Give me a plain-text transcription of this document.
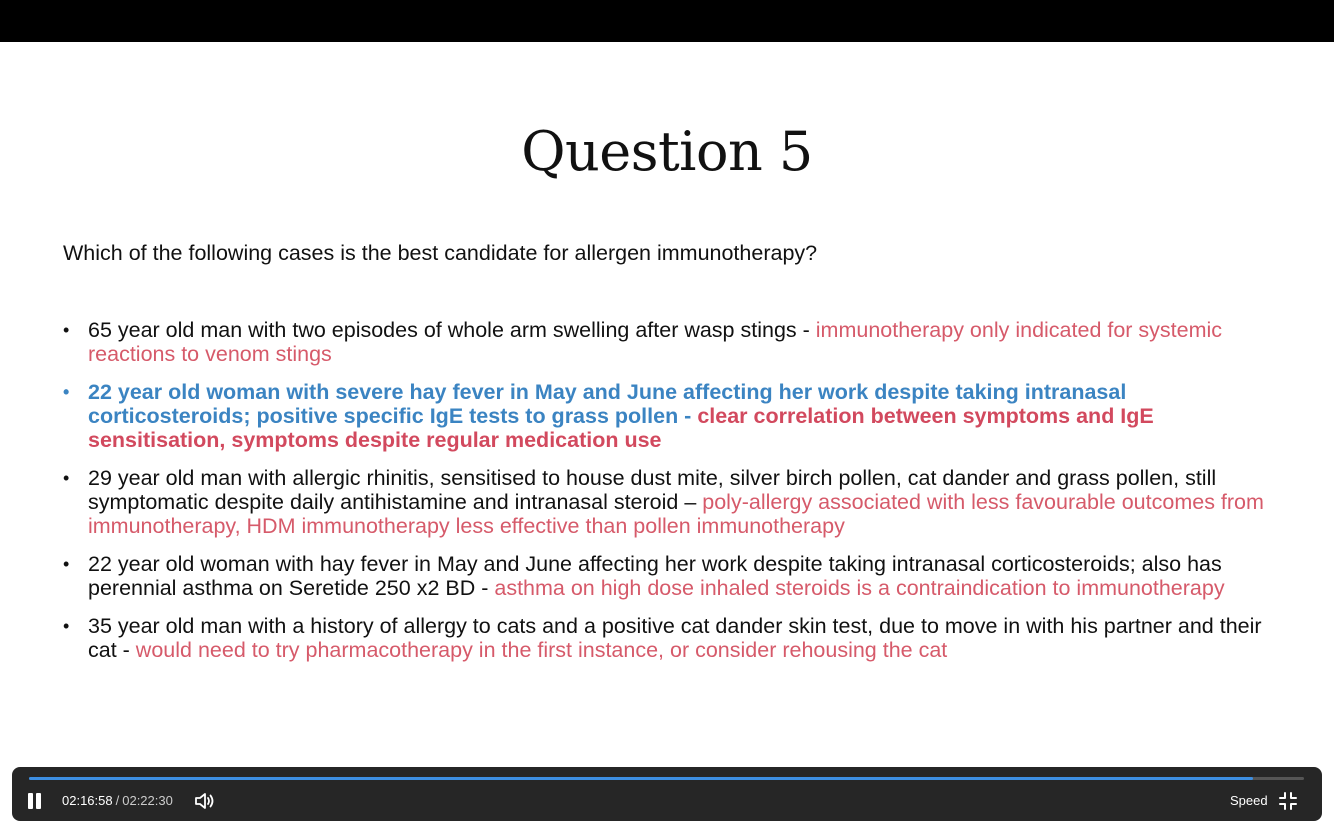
Question 5
Which of the following cases is the best candidate for allergen immunotherapy?
• 65 year old man with two episodes of whole arm swelling after wasp stings - immunotherapy only indicated for systemic reactions to venom stings
• 22 year old woman with severe hay fever in May and June affecting her work despite taking intranasal corticosteroids; positive specific IgE tests to grass pollen - clear correlation between symptoms and IgE sensitisation, symptoms despite regular medication use
• 29 year old man with allergic rhinitis, sensitised to house dust mite, silver birch pollen, cat dander and grass pollen, still symptomatic despite daily antihistamine and intranasal steroid – poly-allergy associated with less favourable outcomes from immunotherapy, HDM immunotherapy less effective than pollen immunotherapy
• 22 year old woman with hay fever in May and June affecting her work despite taking intranasal corticosteroids; also has perennial asthma on Seretide 250 x2 BD - asthma on high dose inhaled steroids is a contraindication to immunotherapy
• 35 year old man with a history of allergy to cats and a positive cat dander skin test, due to move in with his partner and their cat - would need to try pharmacotherapy in the first instance, or consider rehousing the cat
02:16:58 / 02:22:30	Speed
